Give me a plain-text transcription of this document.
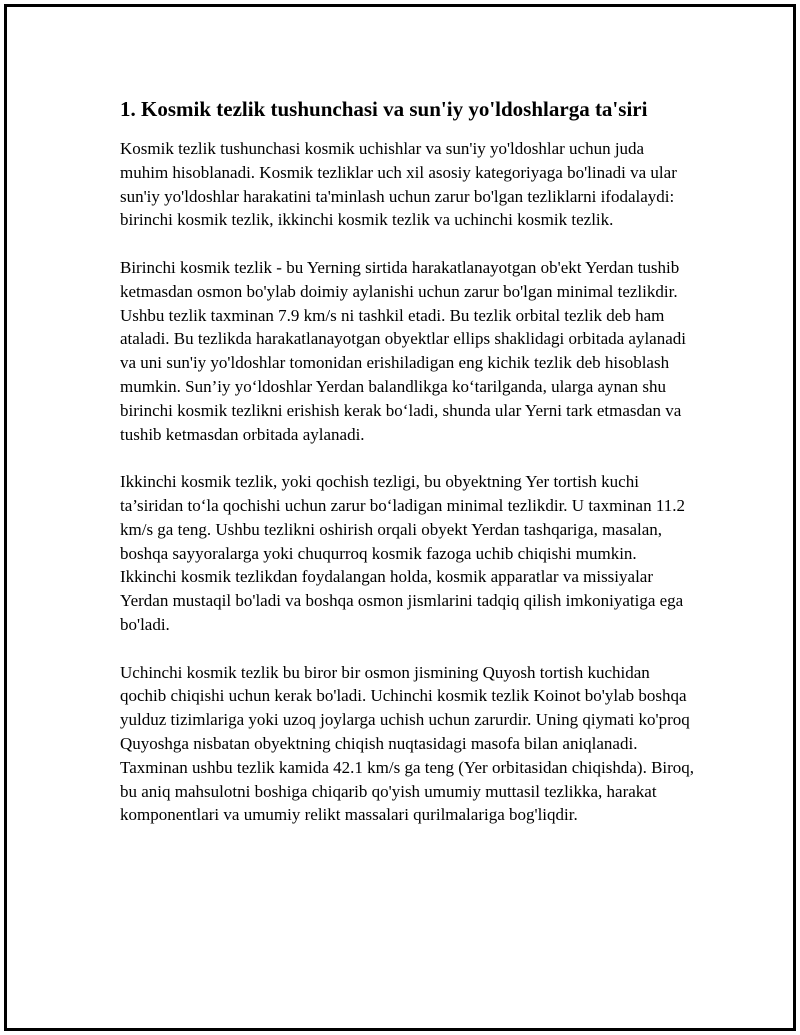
1. Kosmik tezlik tushunchasi va sun'iy yo'ldoshlarga ta'siri

Kosmik tezlik tushunchasi kosmik uchishlar va sun'iy yo'ldoshlar uchun juda muhim hisoblanadi. Kosmik tezliklar uch xil asosiy kategoriyaga bo'linadi va ular sun'iy yo'ldoshlar harakatini ta'minlash uchun zarur bo'lgan tezliklarni ifodalaydi: birinchi kosmik tezlik, ikkinchi kosmik tezlik va uchinchi kosmik tezlik.

Birinchi kosmik tezlik - bu Yerning sirtida harakatlanayotgan ob'ekt Yerdan tushib ketmasdan osmon bo'ylab doimiy aylanishi uchun zarur bo'lgan minimal tezlikdir. Ushbu tezlik taxminan 7.9 km/s ni tashkil etadi. Bu tezlik orbital tezlik deb ham ataladi. Bu tezlikda harakatlanayotgan obyektlar ellips shaklidagi orbitada aylanadi va uni sun'iy yo'ldoshlar tomonidan erishiladigan eng kichik tezlik deb hisoblash mumkin. Sun’iy yo‘ldoshlar Yerdan balandlikga ko‘tarilganda, ularga aynan shu birinchi kosmik tezlikni erishish kerak bo‘ladi, shunda ular Yerni tark etmasdan va tushib ketmasdan orbitada aylanadi.

Ikkinchi kosmik tezlik, yoki qochish tezligi, bu obyektning Yer tortish kuchi ta’siridan to‘la qochishi uchun zarur bo‘ladigan minimal tezlikdir. U taxminan 11.2 km/s ga teng. Ushbu tezlikni oshirish orqali obyekt Yerdan tashqariga, masalan, boshqa sayyoralarga yoki chuqurroq kosmik fazoga uchib chiqishi mumkin. Ikkinchi kosmik tezlikdan foydalangan holda, kosmik apparatlar va missiyalar Yerdan mustaqil bo'ladi va boshqa osmon jismlarini tadqiq qilish imkoniyatiga ega bo'ladi.

Uchinchi kosmik tezlik bu biror bir osmon jismining Quyosh tortish kuchidan qochib chiqishi uchun kerak bo'ladi. Uchinchi kosmik tezlik Koinot bo'ylab boshqa yulduz tizimlariga yoki uzoq joylarga uchish uchun zarurdir. Uning qiymati ko'proq Quyoshga nisbatan obyektning chiqish nuqtasidagi masofa bilan aniqlanadi. Taxminan ushbu tezlik kamida 42.1 km/s ga teng (Yer orbitasidan chiqishda). Biroq, bu aniq mahsulotni boshiga chiqarib qo'yish umumiy muttasil tezlikka, harakat komponentlari va umumiy relikt massalari qurilmalariga bog'liqdir.
